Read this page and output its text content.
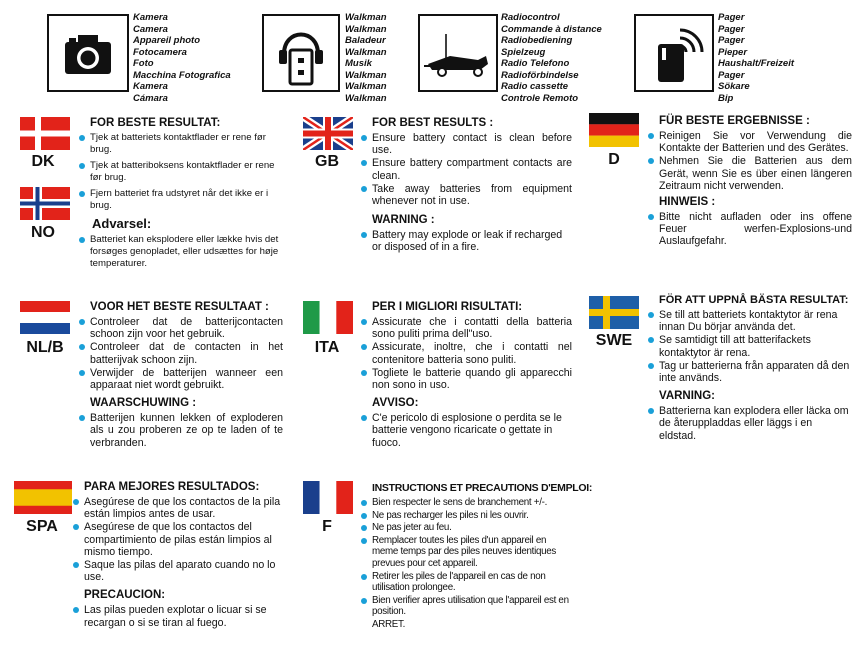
Kamera
Camera
Appareil photo
Fotocamera
Foto
Macchina Fotografica
Kamera
Cámara
Walkman
Walkman
Baladeur
Walkman
Musik
Walkman
Walkman
Walkman
Radiocontrol
Commande à distance
Radiobediening
Spielzeug
Radio Telefono
Radioförbindelse
Radio cassette
Controle Remoto
Pager
Pager
Pager
Pieper
Haushalt/Freizeit
Pager
Sökare
Bip
DK
NO
FOR BESTE RESULTAT:
Tjek at batteriets kontaktflader er rene før brug.
Tjek at batteriboksens kontaktflader er rene før brug.
Fjern batteriet fra udstyret når det ikke er i brug.
Advarsel:
Batteriet kan eksplodere eller lække hvis det forsøges genopladet, eller udsættes for høje temperaturer.
GB
FOR BEST RESULTS :
Ensure battery contact is clean before use.
Ensure battery compartment contacts are clean.
Take away batteries from equipment whenever not in use.
WARNING :
Battery may explode or leak if recharged or disposed of in a fire.
D
FÜR BESTE ERGEBNISSE :
Reinigen Sie vor Verwendung die Kontakte der Batterien und des Gerätes.
Nehmen Sie die Batterien aus dem Gerät, wenn Sie es über einen längeren Zeitraum nicht verwenden.
HINWEIS :
Bitte nicht aufladen oder ins offene Feuer werfen-Explosions-und Auslaufgefahr.
NL/B
VOOR HET BESTE RESULTAAT :
Controleer dat de batterijcontacten schoon zijn voor het gebruik.
Controleer dat de contacten in het batterijvak schoon zijn.
Verwijder de batterijen wanneer een apparaat niet wordt gebruikt.
WAARSCHUWING :
Batterijen kunnen lekken of exploderen als u zou proberen ze op te laden of te verbranden.
ITA
PER I MIGLIORI RISULTATI:
Assicurate che i contatti della batteria sono puliti prima dell"uso.
Assicurate, inoltre, che i contatti nel contenitore batteria sono puliti.
Togliete le batterie quando gli apparecchi non sono in uso.
AVVISO:
C'e pericolo di esplosione o perdita se le batterie vengono ricaricate o gettate in fuoco.
SWE
FÖR ATT UPPNÅ BÄSTA RESULTAT:
Se till att batteriets kontaktytor är rena innan Du börjar använda det.
Se samtidigt till att batterifackets kontaktytor är rena.
Tag ur batterierna från apparaten då den inte används.
VARNING:
Batterierna kan explodera eller läcka om de återuppladdas eller läggs i en eldstad.
SPA
PARA MEJORES RESULTADOS:
Asegúrese de que los contactos de la pila están limpios antes de usar.
Asegúrese de que los contactos del compartimiento de pilas están limpios al mismo tiempo.
Saque las pilas del aparato cuando no lo use.
PRECAUCION:
Las pilas pueden explotar o licuar si se recargan o si se tiran al fuego.
F
INSTRUCTIONS ET PRECAUTIONS D'EMPLOI:
Bien respecter le sens de branchement +/-.
Ne pas recharger les piles ni les ouvrir.
Ne pas jeter au feu.
Remplacer toutes les piles d'un appareil en meme temps par des piles neuves identiques prevues pour cet appareil.
Retirer les piles de l'appareil en cas de non utilisation prolongee.
Bien verifier apres utilisation que l'appareil est en position.
ARRET.
